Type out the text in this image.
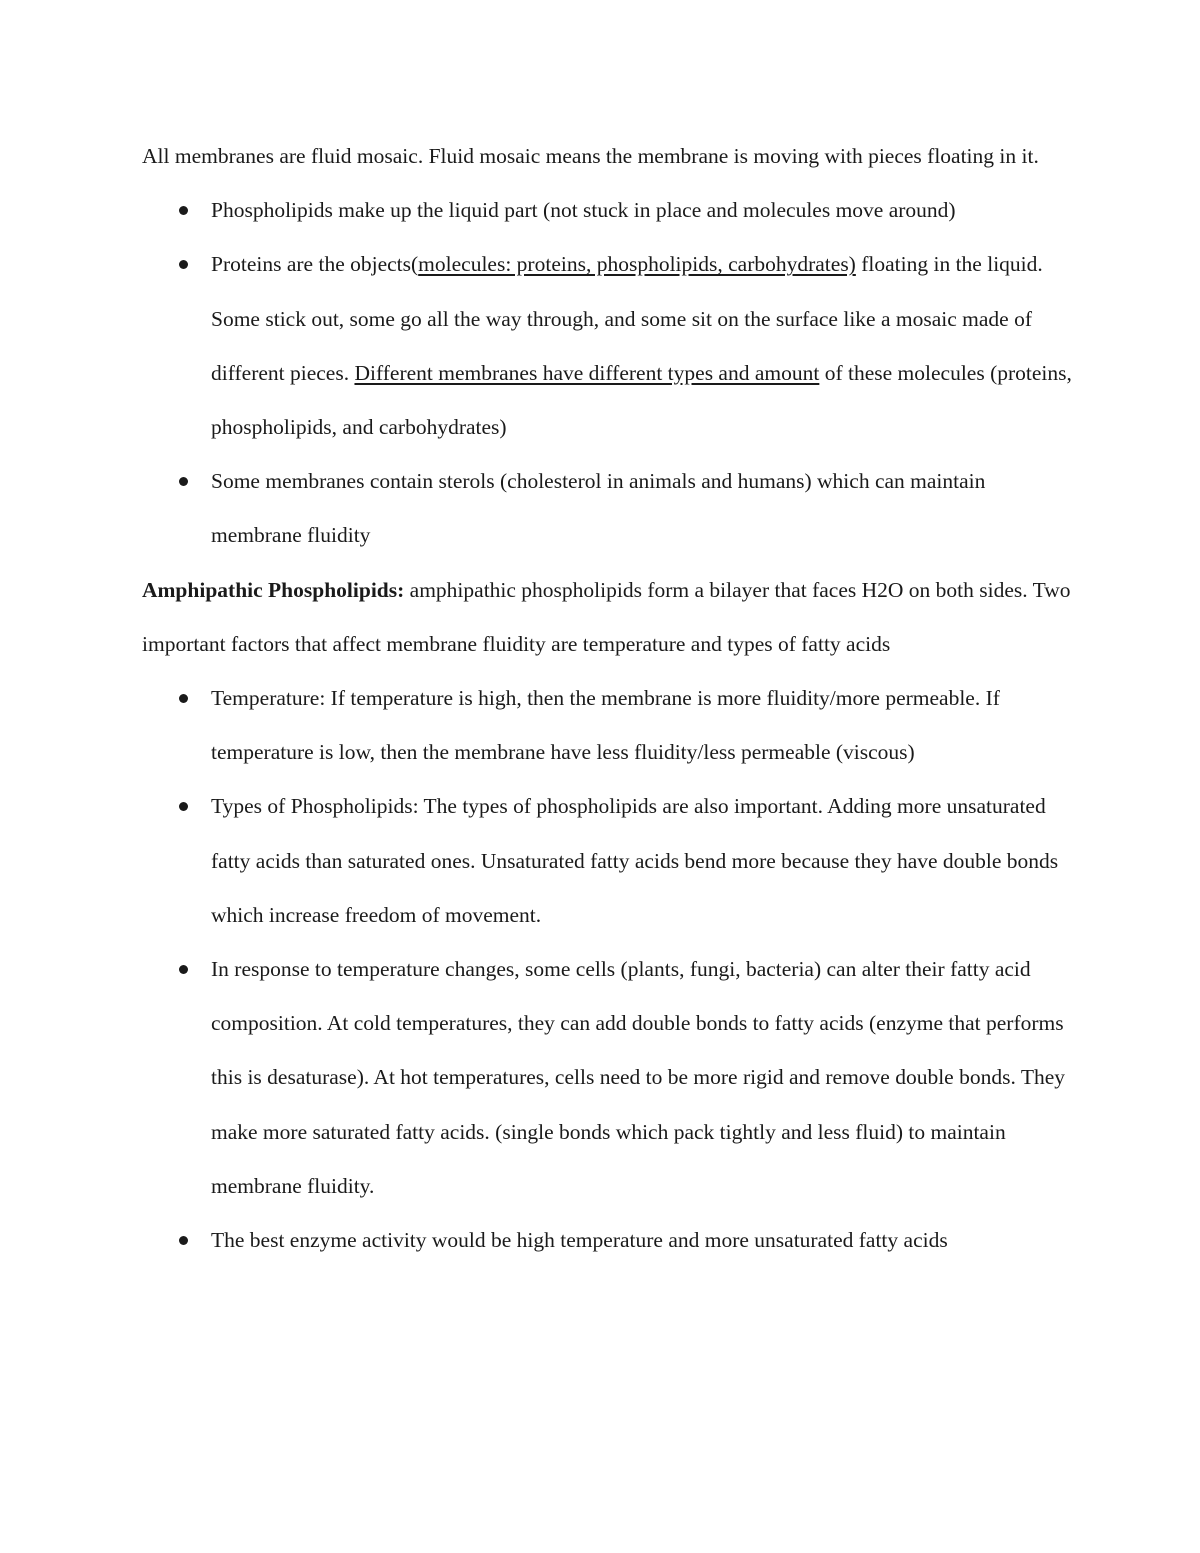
All membranes are fluid mosaic. Fluid mosaic means the membrane is moving with pieces floating in it.

Phospholipids make up the liquid part (not stuck in place and molecules move around)
Proteins are the objects(molecules: proteins, phospholipids, carbohydrates) floating in the liquid. Some stick out, some go all the way through, and some sit on the surface like a mosaic made of different pieces. Different membranes have different types and amount of these molecules (proteins, phospholipids, and carbohydrates)
Some membranes contain sterols (cholesterol in animals and humans) which can maintain membrane fluidity

Amphipathic Phospholipids: amphipathic phospholipids form a bilayer that faces H2O on both sides. Two important factors that affect membrane fluidity are temperature and types of fatty acids

Temperature: If temperature is high, then the membrane is more fluidity/more permeable. If temperature is low, then the membrane have less fluidity/less permeable (viscous)
Types of Phospholipids: The types of phospholipids are also important. Adding more unsaturated fatty acids than saturated ones. Unsaturated fatty acids bend more because they have double bonds which increase freedom of movement.
In response to temperature changes, some cells (plants, fungi, bacteria) can alter their fatty acid composition. At cold temperatures, they can add double bonds to fatty acids (enzyme that performs this is desaturase). At hot temperatures, cells need to be more rigid and remove double bonds. They make more saturated fatty acids. (single bonds which pack tightly and less fluid) to maintain membrane fluidity.
The best enzyme activity would be high temperature and more unsaturated fatty acids
